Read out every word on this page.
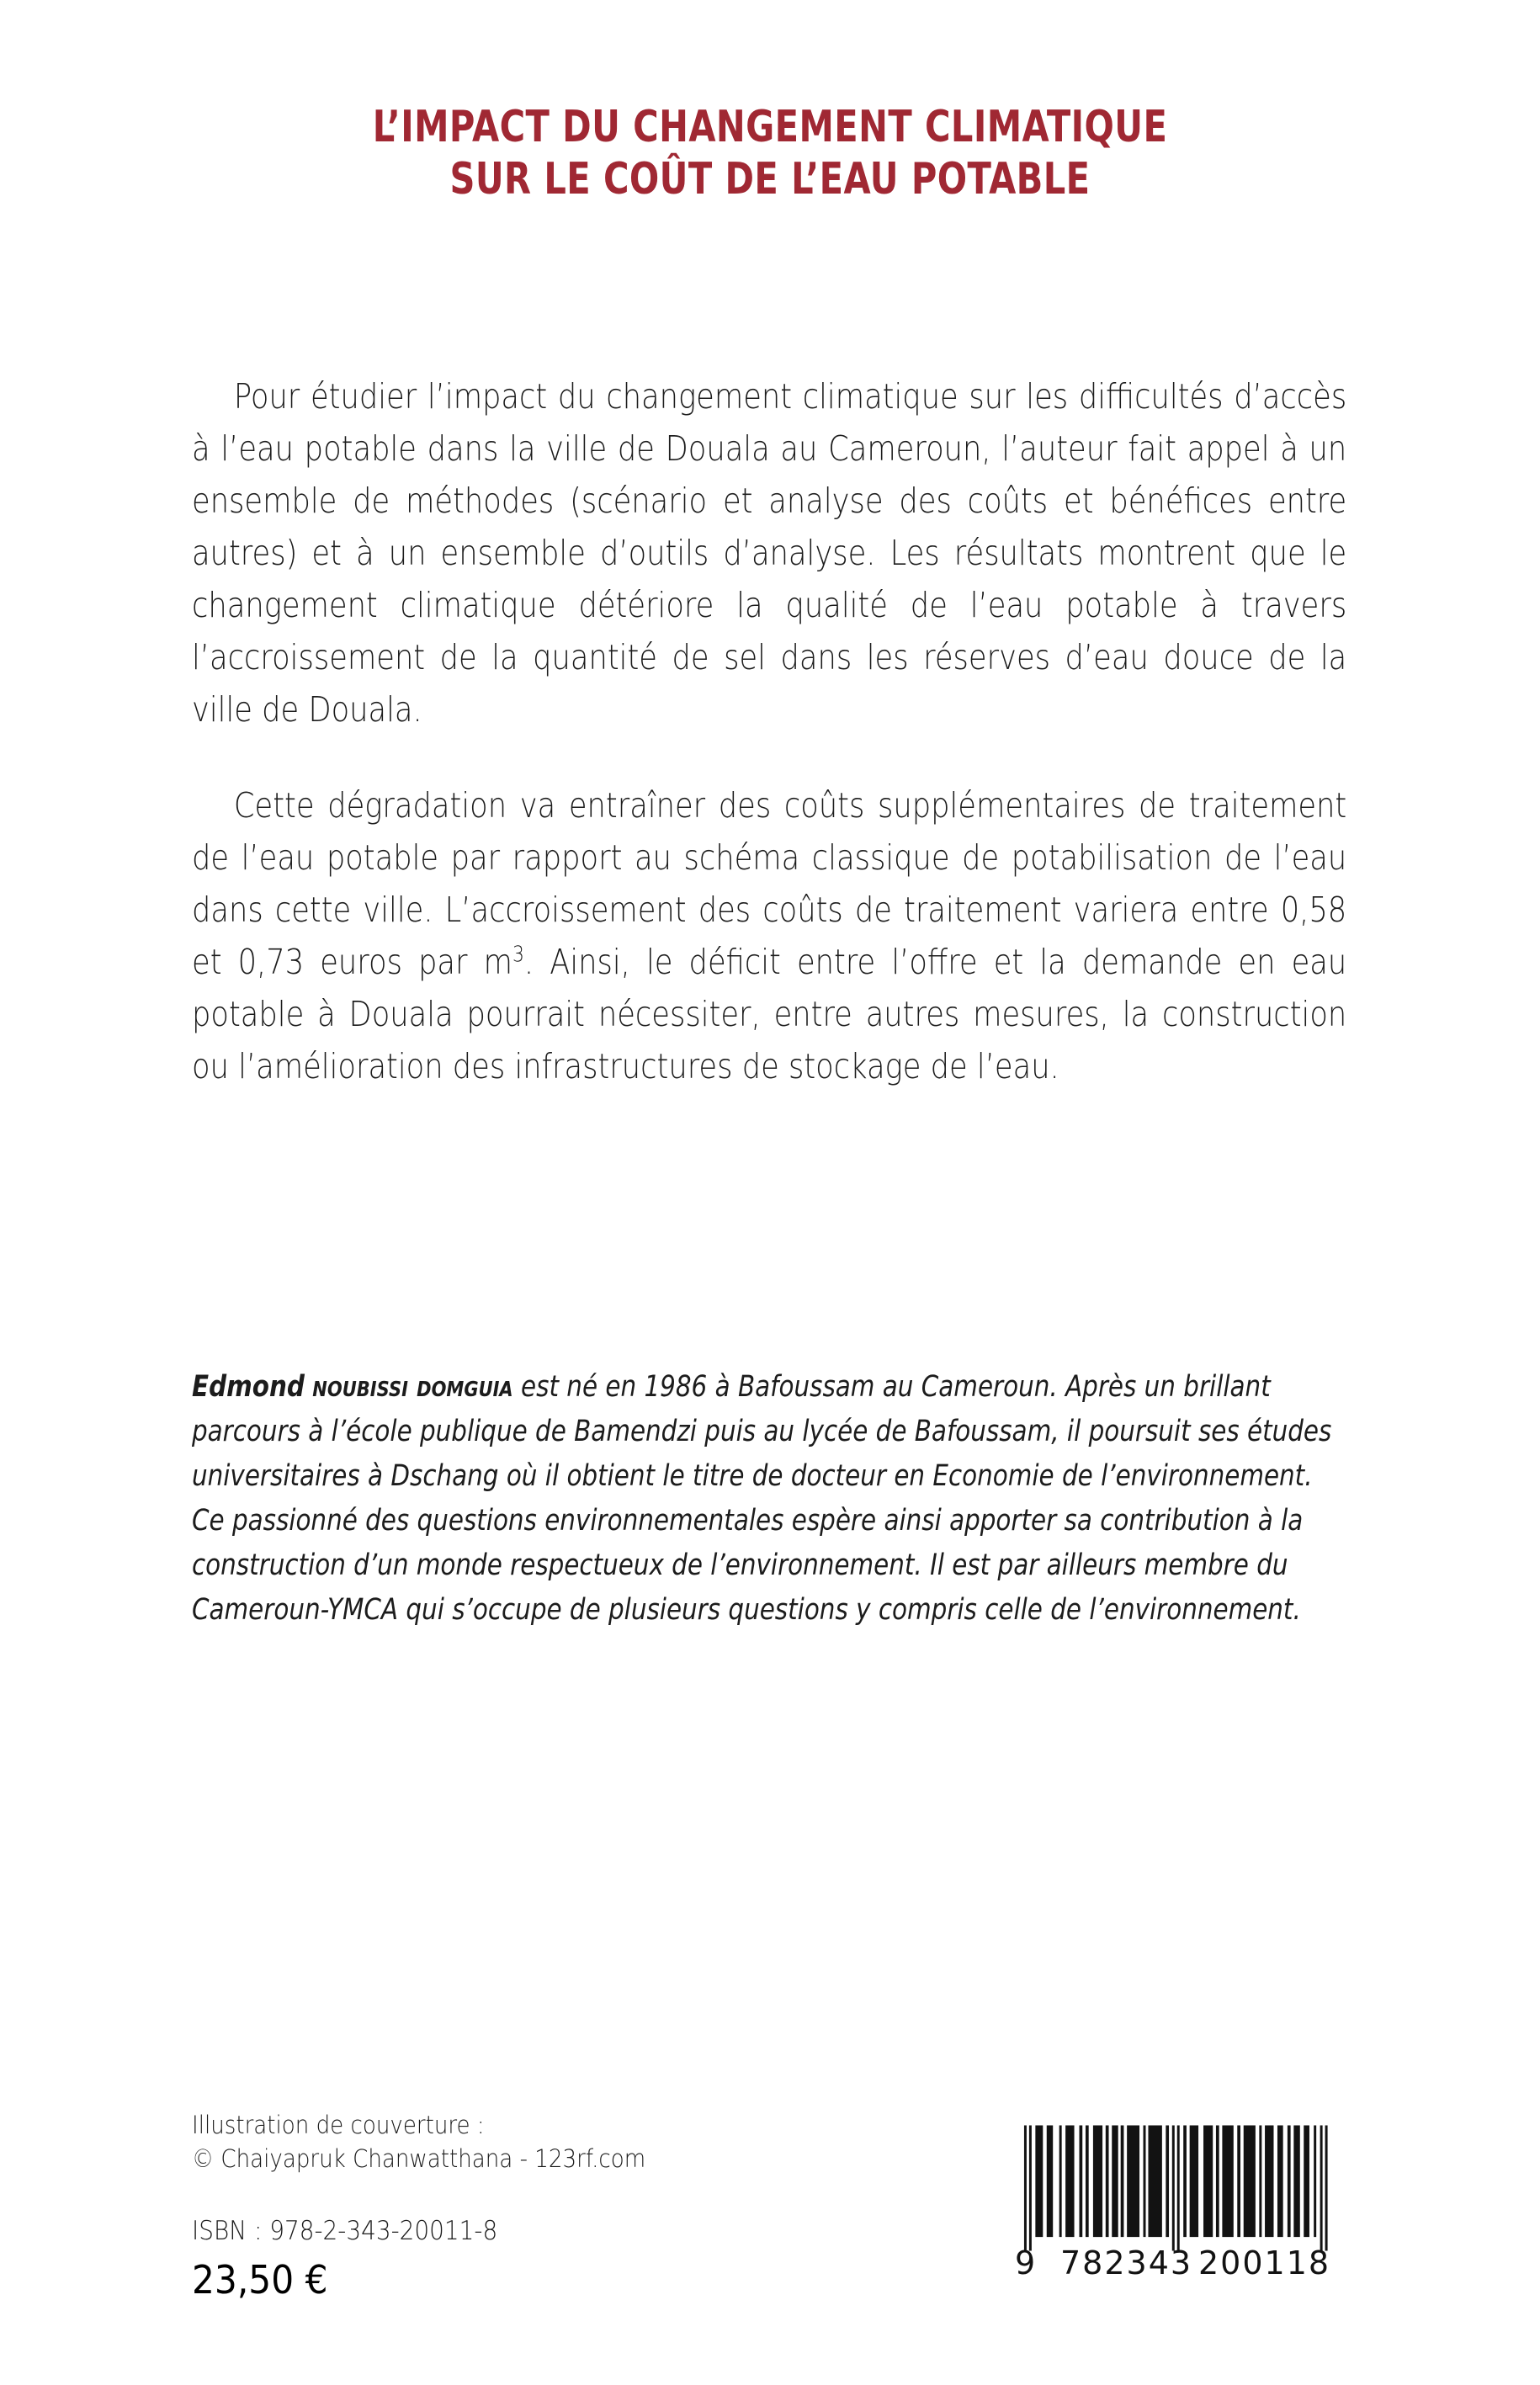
L’IMPACT DU CHANGEMENT CLIMATIQUE
SUR LE COÛT DE L’EAU POTABLE

Pour étudier l’impact du changement climatique sur les difficultés d’accès à l’eau potable dans la ville de Douala au Cameroun, l’auteur fait appel à un ensemble de méthodes (scénario et analyse des coûts et bénéfices entre autres) et à un ensemble d’outils d’analyse. Les résultats montrent que le changement climatique détériore la qualité de l’eau potable à travers l’accroissement de la quantité de sel dans les réserves d’eau douce de la ville de Douala.

Cette dégradation va entraîner des coûts supplémentaires de traitement de l’eau potable par rapport au schéma classique de potabilisation de l’eau dans cette ville. L’accroissement des coûts de traitement variera entre 0,58 et 0,73 euros par $m^3$. Ainsi, le déficit entre l’offre et la demande en eau potable à Douala pourrait nécessiter, entre autres mesures, la construction ou l’amélioration des infrastructures de stockage de l’eau.

Edmond noubissi domguia est né en 1986 à Bafoussam au Cameroun. Après un brillant parcours à l’école publique de Bamendzi puis au lycée de Bafoussam, il poursuit ses études universitaires à Dschang où il obtient le titre de docteur en Economie de l’environnement. Ce passionné des questions environnementales espère ainsi apporter sa contribution à la construction d’un monde respectueux de l’environnement. Il est par ailleurs membre du Cameroun-YMCA qui s’occupe de plusieurs questions y compris celle de l’environnement.

Illustration de couverture :
© Chaiyapruk Chanwatthana - 123rf.com
ISBN : 978-2-343-20011-8
23,50 €	9 782343 200118
